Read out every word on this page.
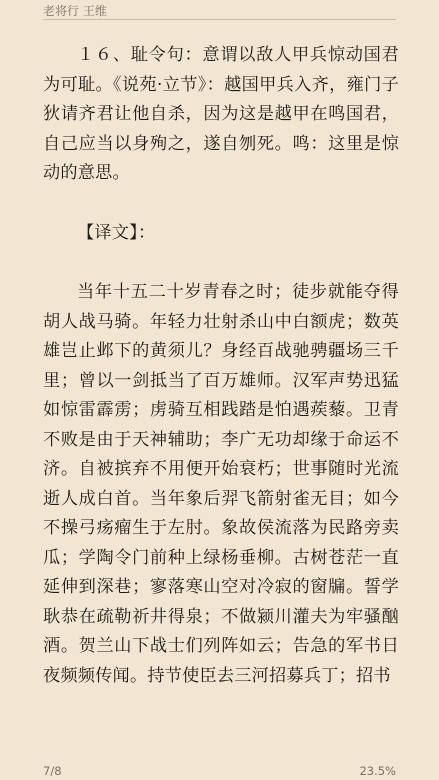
老将行 王维

１６、耻令句：意谓以敌人甲兵惊动国君为可耻。《说苑·立节》：越国甲兵入齐，雍门子狄请齐君让他自杀，因为这是越甲在鸣国君，自己应当以身殉之，遂自刎死。鸣：这里是惊动的意思。

【译文】：

当年十五二十岁青春之时；徒步就能夺得胡人战马骑。年轻力壮射杀山中白额虎；数英雄岂止邺下的黄须儿？身经百战驰骋疆场三千里；曾以一剑抵当了百万雄师。汉军声势迅猛如惊雷霹雳；虏骑互相践踏是怕遇蒺藜。卫青不败是由于天神辅助；李广无功却缘于命运不济。自被摈弃不用便开始衰朽；世事随时光流逝人成白首。当年象后羿飞箭射雀无目；如今不操弓疡瘤生于左肘。象故侯流落为民路旁卖瓜；学陶令门前种上绿杨垂柳。古树苍茫一直延伸到深巷；寥落寒山空对冷寂的窗牖。誓学耿恭在疏勒祈井得泉；不做颍川灌夫为牢骚酗酒。贺兰山下战士们列阵如云；告急的军书日夜频频传闻。持节使臣去三河招募兵丁；招书

7/8	23.5%
